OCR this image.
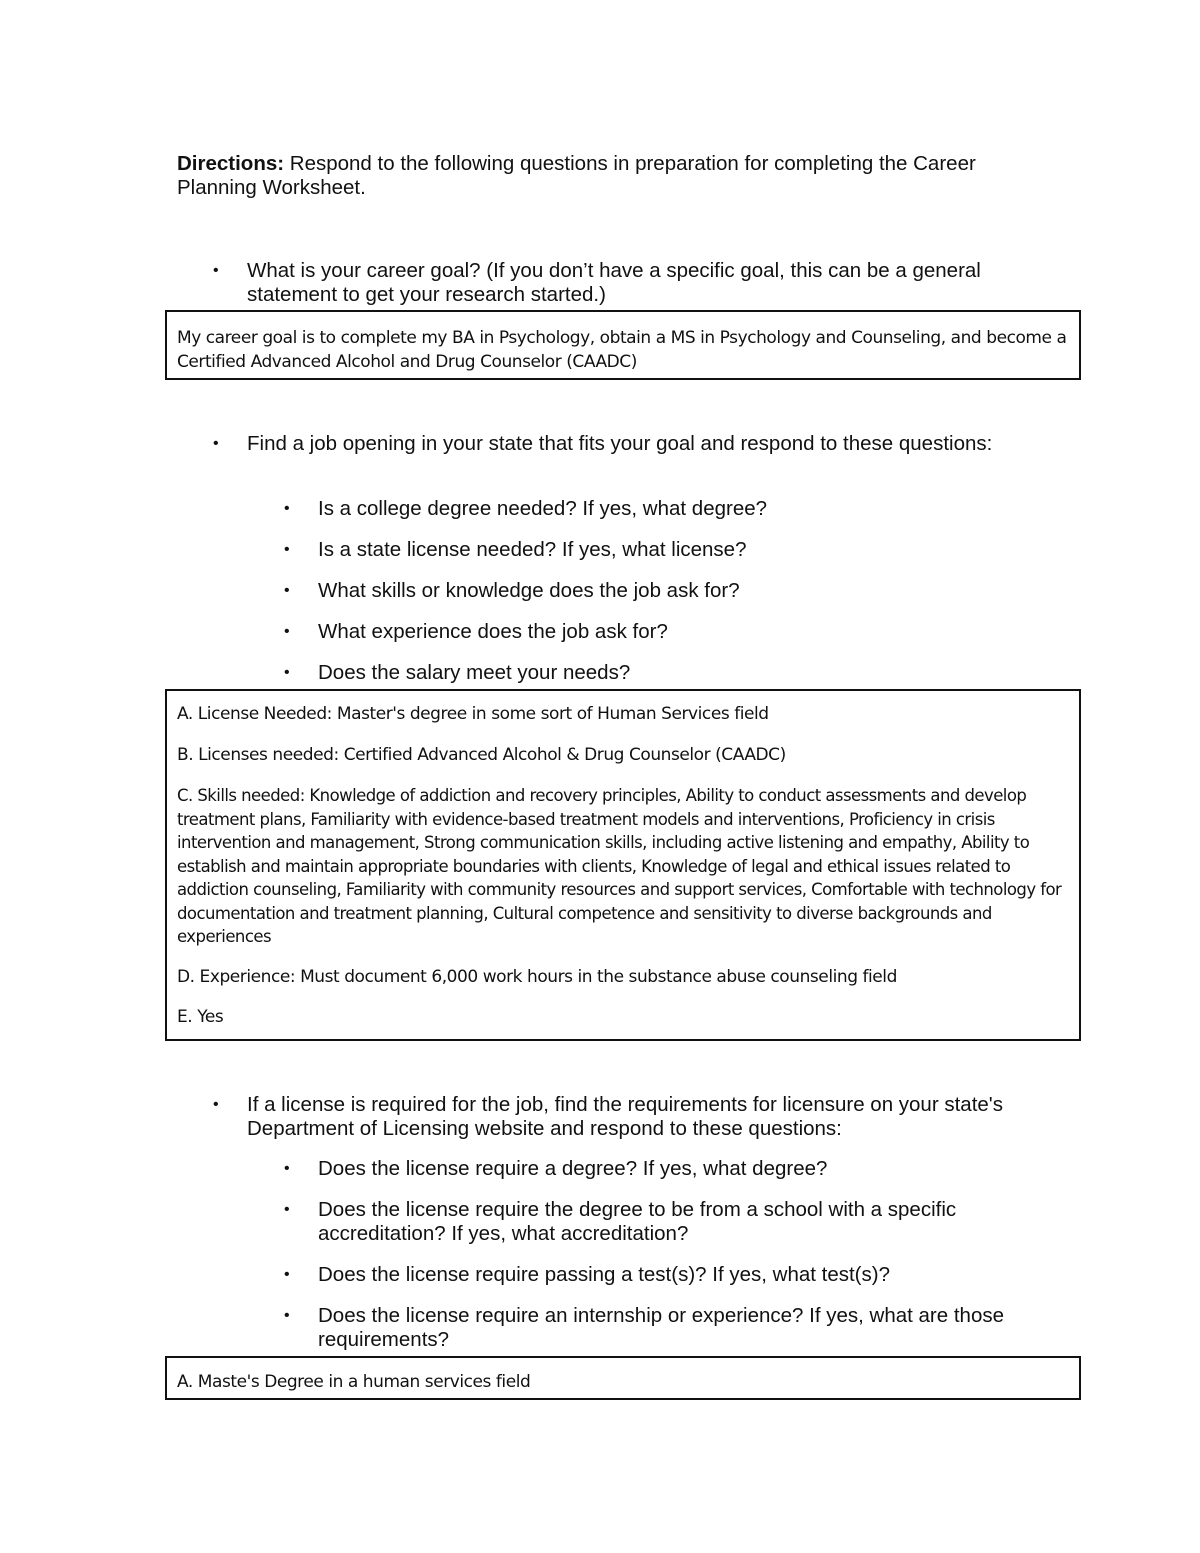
Directions: Respond to the following questions in preparation for completing the Career Planning Worksheet.
• What is your career goal? (If you don’t have a specific goal, this can be a general statement to get your research started.)

My career goal is to complete my BA in Psychology, obtain a MS in Psychology and Counseling, and become a Certified Advanced Alcohol and Drug Counselor (CAADC)

• Find a job opening in your state that fits your goal and respond to these questions:
• Is a college degree needed? If yes, what degree?
• Is a state license needed? If yes, what license?
• What skills or knowledge does the job ask for?
• What experience does the job ask for?
• Does the salary meet your needs?

A. License Needed: Master's degree in some sort of Human Services field

B. Licenses needed: Certified Advanced Alcohol & Drug Counselor (CAADC)

C. Skills needed: Knowledge of addiction and recovery principles, Ability to conduct assessments and develop treatment plans, Familiarity with evidence-based treatment models and interventions, Proficiency in crisis intervention and management, Strong communication skills, including active listening and empathy, Ability to establish and maintain appropriate boundaries with clients, Knowledge of legal and ethical issues related to addiction counseling, Familiarity with community resources and support services, Comfortable with technology for documentation and treatment planning, Cultural competence and sensitivity to diverse backgrounds and experiences

D. Experience: Must document 6,000 work hours in the substance abuse counseling field

E. Yes

• If a license is required for the job, find the requirements for licensure on your state's Department of Licensing website and respond to these questions:
• Does the license require a degree? If yes, what degree?
• Does the license require the degree to be from a school with a specific accreditation? If yes, what accreditation?
• Does the license require passing a test(s)? If yes, what test(s)?
• Does the license require an internship or experience? If yes, what are those requirements?

A. Maste's Degree in a human services field
